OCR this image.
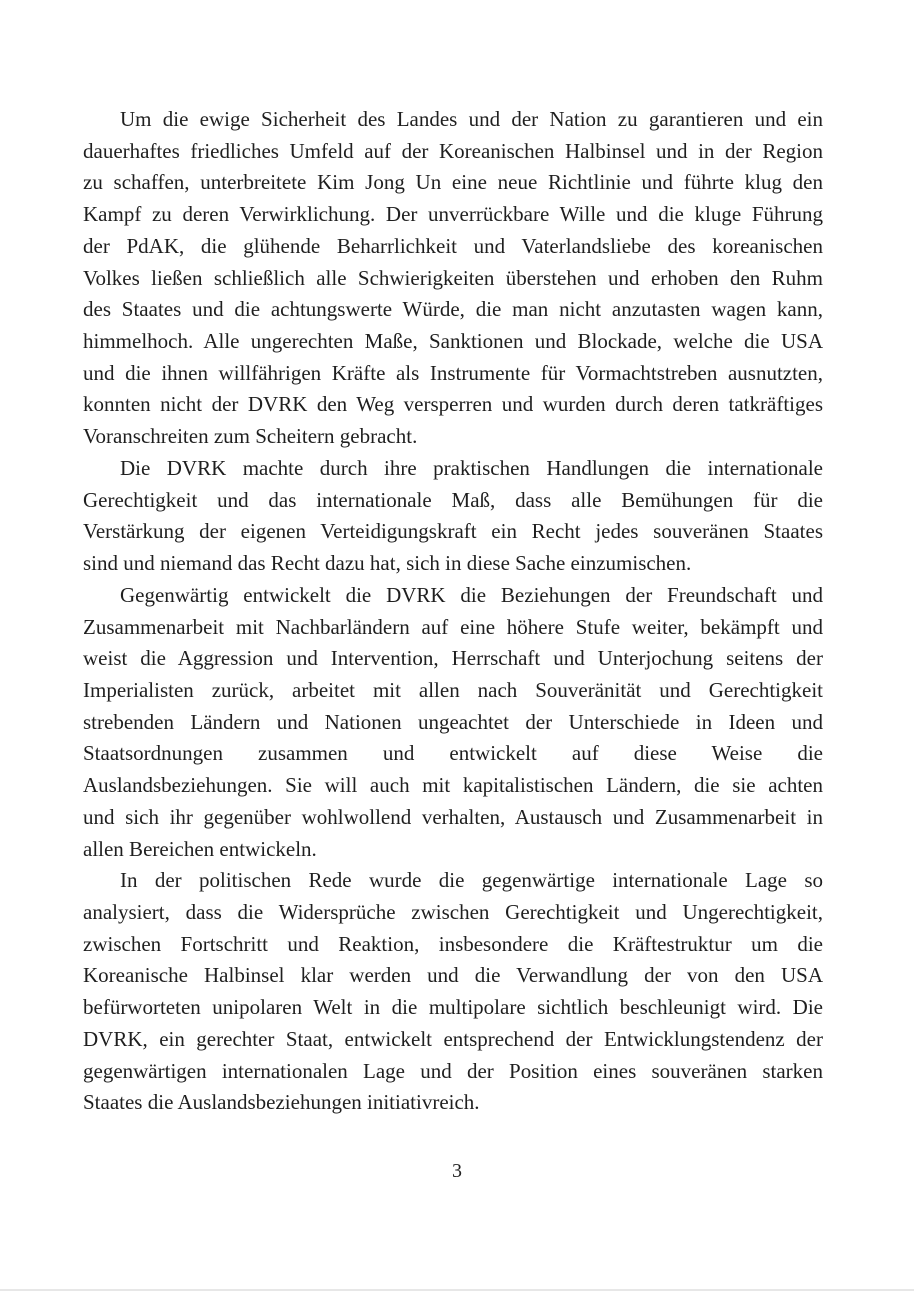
Um die ewige Sicherheit des Landes und der Nation zu garantieren und ein
dauerhaftes friedliches Umfeld auf der Koreanischen Halbinsel und in der Region
zu schaffen, unterbreitete Kim Jong Un eine neue Richtlinie und führte klug den
Kampf zu deren Verwirklichung. Der unverrückbare Wille und die kluge Führung
der PdAK, die glühende Beharrlichkeit und Vaterlandsliebe des koreanischen
Volkes ließen schließlich alle Schwierigkeiten überstehen und erhoben den Ruhm
des Staates und die achtungswerte Würde, die man nicht anzutasten wagen kann,
himmelhoch. Alle ungerechten Maße, Sanktionen und Blockade, welche die USA
und die ihnen willfährigen Kräfte als Instrumente für Vormachtstreben ausnutzten,
konnten nicht der DVRK den Weg versperren und wurden durch deren tatkräftiges
Voranschreiten zum Scheitern gebracht.
Die DVRK machte durch ihre praktischen Handlungen die internationale
Gerechtigkeit und das internationale Maß, dass alle Bemühungen für die
Verstärkung der eigenen Verteidigungskraft ein Recht jedes souveränen Staates
sind und niemand das Recht dazu hat, sich in diese Sache einzumischen.
Gegenwärtig entwickelt die DVRK die Beziehungen der Freundschaft und
Zusammenarbeit mit Nachbarländern auf eine höhere Stufe weiter, bekämpft und
weist die Aggression und Intervention, Herrschaft und Unterjochung seitens der
Imperialisten zurück, arbeitet mit allen nach Souveränität und Gerechtigkeit
strebenden Ländern und Nationen ungeachtet der Unterschiede in Ideen und
Staatsordnungen zusammen und entwickelt auf diese Weise die
Auslandsbeziehungen. Sie will auch mit kapitalistischen Ländern, die sie achten
und sich ihr gegenüber wohlwollend verhalten, Austausch und Zusammenarbeit in
allen Bereichen entwickeln.
In der politischen Rede wurde die gegenwärtige internationale Lage so
analysiert, dass die Widersprüche zwischen Gerechtigkeit und Ungerechtigkeit,
zwischen Fortschritt und Reaktion, insbesondere die Kräftestruktur um die
Koreanische Halbinsel klar werden und die Verwandlung der von den USA
befürworteten unipolaren Welt in die multipolare sichtlich beschleunigt wird. Die
DVRK, ein gerechter Staat, entwickelt entsprechend der Entwicklungstendenz der
gegenwärtigen internationalen Lage und der Position eines souveränen starken
Staates die Auslandsbeziehungen initiativreich.
3
